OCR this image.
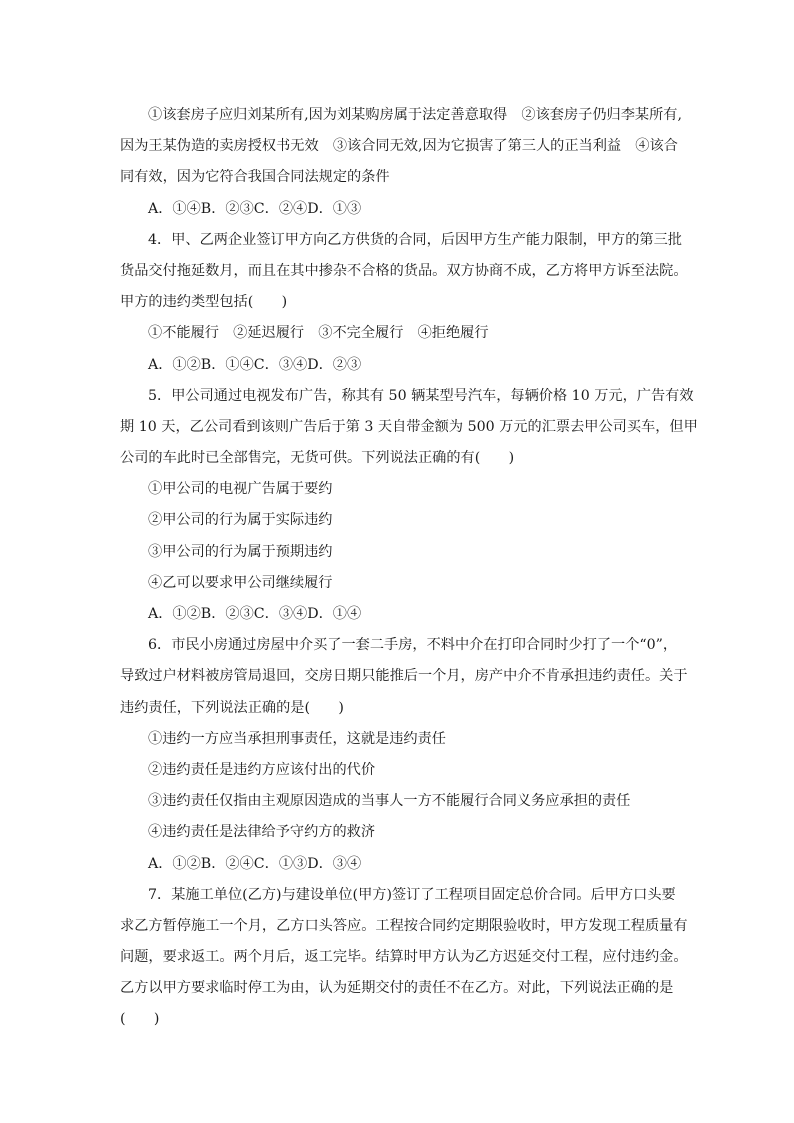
①该套房子应归刘某所有,因为刘某购房属于法定善意取得　②该套房子仍归李某所有,
因为王某伪造的卖房授权书无效　③该合同无效,因为它损害了第三人的正当利益　④该合
同有效，因为它符合我国合同法规定的条件
A．①④B．②③C．②④D．①③
4．甲、乙两企业签订甲方向乙方供货的合同，后因甲方生产能力限制，甲方的第三批
货品交付拖延数月，而且在其中掺杂不合格的货品。双方协商不成，乙方将甲方诉至法院。
甲方的违约类型包括(　　)
①不能履行　②延迟履行　③不完全履行　④拒绝履行
A．①②B．①④C．③④D．②③
5．甲公司通过电视发布广告，称其有 50 辆某型号汽车，每辆价格 10 万元，广告有效
期 10 天，乙公司看到该则广告后于第 3 天自带金额为 500 万元的汇票去甲公司买车，但甲
公司的车此时已全部售完，无货可供。下列说法正确的有(　　)
①甲公司的电视广告属于要约
②甲公司的行为属于实际违约
③甲公司的行为属于预期违约
④乙可以要求甲公司继续履行
A．①②B．②③C．③④D．①④
6．市民小房通过房屋中介买了一套二手房，不料中介在打印合同时少打了一个“0”，
导致过户材料被房管局退回，交房日期只能推后一个月，房产中介不肯承担违约责任。关于
违约责任，下列说法正确的是(　　)
①违约一方应当承担刑事责任，这就是违约责任
②违约责任是违约方应该付出的代价
③违约责任仅指由主观原因造成的当事人一方不能履行合同义务应承担的责任
④违约责任是法律给予守约方的救济
A．①②B．②④C．①③D．③④
7．某施工单位(乙方)与建设单位(甲方)签订了工程项目固定总价合同。后甲方口头要
求乙方暂停施工一个月，乙方口头答应。工程按合同约定期限验收时，甲方发现工程质量有
问题，要求返工。两个月后，返工完毕。结算时甲方认为乙方迟延交付工程，应付违约金。
乙方以甲方要求临时停工为由，认为延期交付的责任不在乙方。对此，下列说法正确的是
(　　)
